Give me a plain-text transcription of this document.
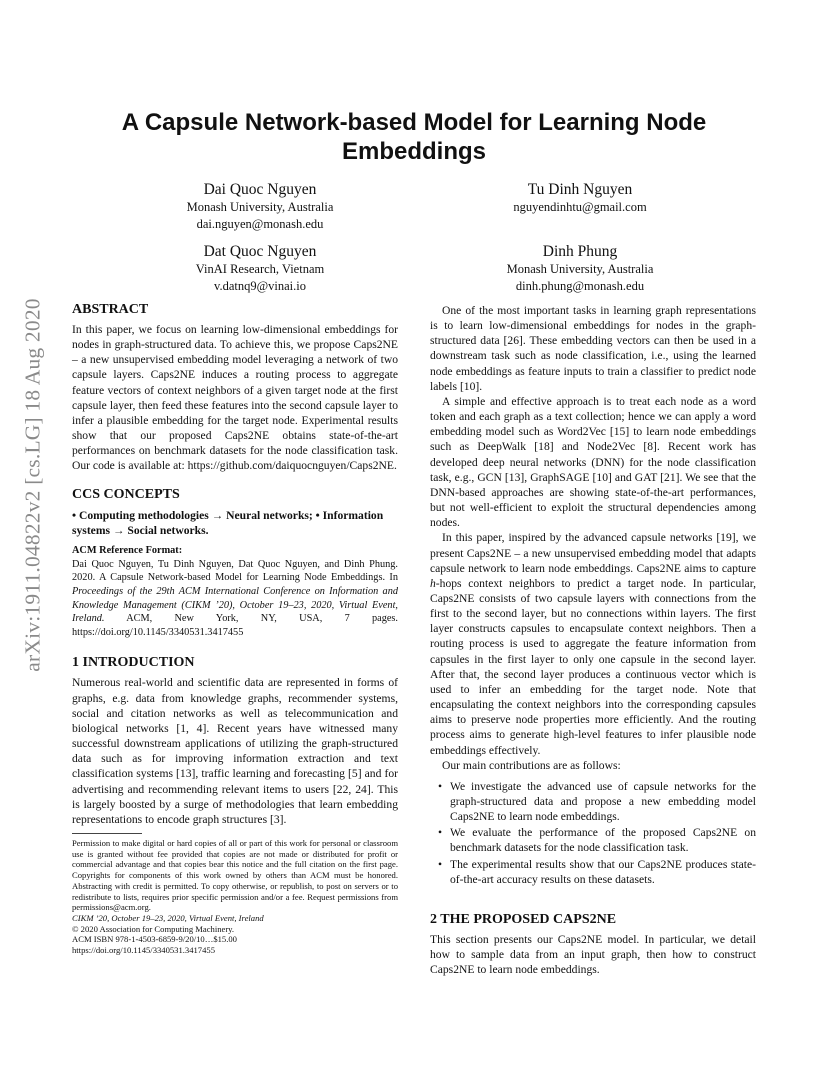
arXiv:1911.04822v2 [cs.LG] 18 Aug 2020
A Capsule Network-based Model for Learning Node
Embeddings
Dai Quoc Nguyen
Monash University, Australia
dai.nguyen@monash.edu
Tu Dinh Nguyen
nguyendinhtu@gmail.com
Dat Quoc Nguyen
VinAI Research, Vietnam
v.datnq9@vinai.io
Dinh Phung
Monash University, Australia
dinh.phung@monash.edu
ABSTRACT

In this paper, we focus on learning low-dimensional embeddings for nodes in graph-structured data. To achieve this, we propose Caps2NE – a new unsupervised embedding model leveraging a network of two capsule layers. Caps2NE induces a routing process to aggregate feature vectors of context neighbors of a given target node at the first capsule layer, then feed these features into the second capsule layer to infer a plausible embedding for the target node. Experimental results show that our proposed Caps2NE obtains state-of-the-art performances on benchmark datasets for the node classification task. Our code is available at: https://github.com/daiquocnguyen/Caps2NE.

CCS CONCEPTS

• Computing methodologies → Neural networks; • Information systems → Social networks.

ACM Reference Format:

Dai Quoc Nguyen, Tu Dinh Nguyen, Dat Quoc Nguyen, and Dinh Phung. 2020. A Capsule Network-based Model for Learning Node Embeddings. In Proceedings of the 29th ACM International Conference on Information and Knowledge Management (CIKM ’20), October 19–23, 2020, Virtual Event, Ireland. ACM, New York, NY, USA, 7 pages. https://doi.org/10.1145/3340531.3417455

1 INTRODUCTION

Numerous real-world and scientific data are represented in forms of graphs, e.g. data from knowledge graphs, recommender systems, social and citation networks as well as telecommunication and biological networks [1, 4]. Recent years have witnessed many successful downstream applications of utilizing the graph-structured data such as for improving information extraction and text classification systems [13], traffic learning and forecasting [5] and for advertising and recommending relevant items to users [22, 24]. This is largely boosted by a surge of methodologies that learn embedding representations to encode graph structures [3].

Permission to make digital or hard copies of all or part of this work for personal or classroom use is granted without fee provided that copies are not made or distributed for profit or commercial advantage and that copies bear this notice and the full citation on the first page. Copyrights for components of this work owned by others than ACM must be honored. Abstracting with credit is permitted. To copy otherwise, or republish, to post on servers or to redistribute to lists, requires prior specific permission and/or a fee. Request permissions from permissions@acm.org.

CIKM ’20, October 19–23, 2020, Virtual Event, Ireland

© 2020 Association for Computing Machinery.

ACM ISBN 978-1-4503-6859-9/20/10…$15.00

https://doi.org/10.1145/3340531.3417455

One of the most important tasks in learning graph representations is to learn low-dimensional embeddings for nodes in the graph-structured data [26]. These embedding vectors can then be used in a downstream task such as node classification, i.e., using the learned node embeddings as feature inputs to train a classifier to predict node labels [10].

A simple and effective approach is to treat each node as a word token and each graph as a text collection; hence we can apply a word embedding model such as Word2Vec [15] to learn node embeddings such as DeepWalk [18] and Node2Vec [8]. Recent work has developed deep neural networks (DNN) for the node classification task, e.g., GCN [13], GraphSAGE [10] and GAT [21]. We see that the DNN-based approaches are showing state-of-the-art performances, but not well-efficient to exploit the structural dependencies among nodes.

In this paper, inspired by the advanced capsule networks [19], we present Caps2NE – a new unsupervised embedding model that adapts capsule network to learn node embeddings. Caps2NE aims to capture h-hops context neighbors to predict a target node. In particular, Caps2NE consists of two capsule layers with connections from the first to the second layer, but no connections within layers. The first layer constructs capsules to encapsulate context neighbors. Then a routing process is used to aggregate the feature information from capsules in the first layer to only one capsule in the second layer. After that, the second layer produces a continuous vector which is used to infer an embedding for the target node. Note that encapsulating the context neighbors into the corresponding capsules aims to preserve node properties more efficiently. And the routing process aims to generate high-level features to infer plausible node embeddings effectively.

Our main contributions are as follows:

• We investigate the advanced use of capsule networks for the graph-structured data and propose a new embedding model Caps2NE to learn node embeddings.
• We evaluate the performance of the proposed Caps2NE on benchmark datasets for the node classification task.
• The experimental results show that our Caps2NE produces state-of-the-art accuracy results on these datasets.
2 THE PROPOSED CAPS2NE

This section presents our Caps2NE model. In particular, we detail how to sample data from an input graph, then how to construct Caps2NE to learn node embeddings.
